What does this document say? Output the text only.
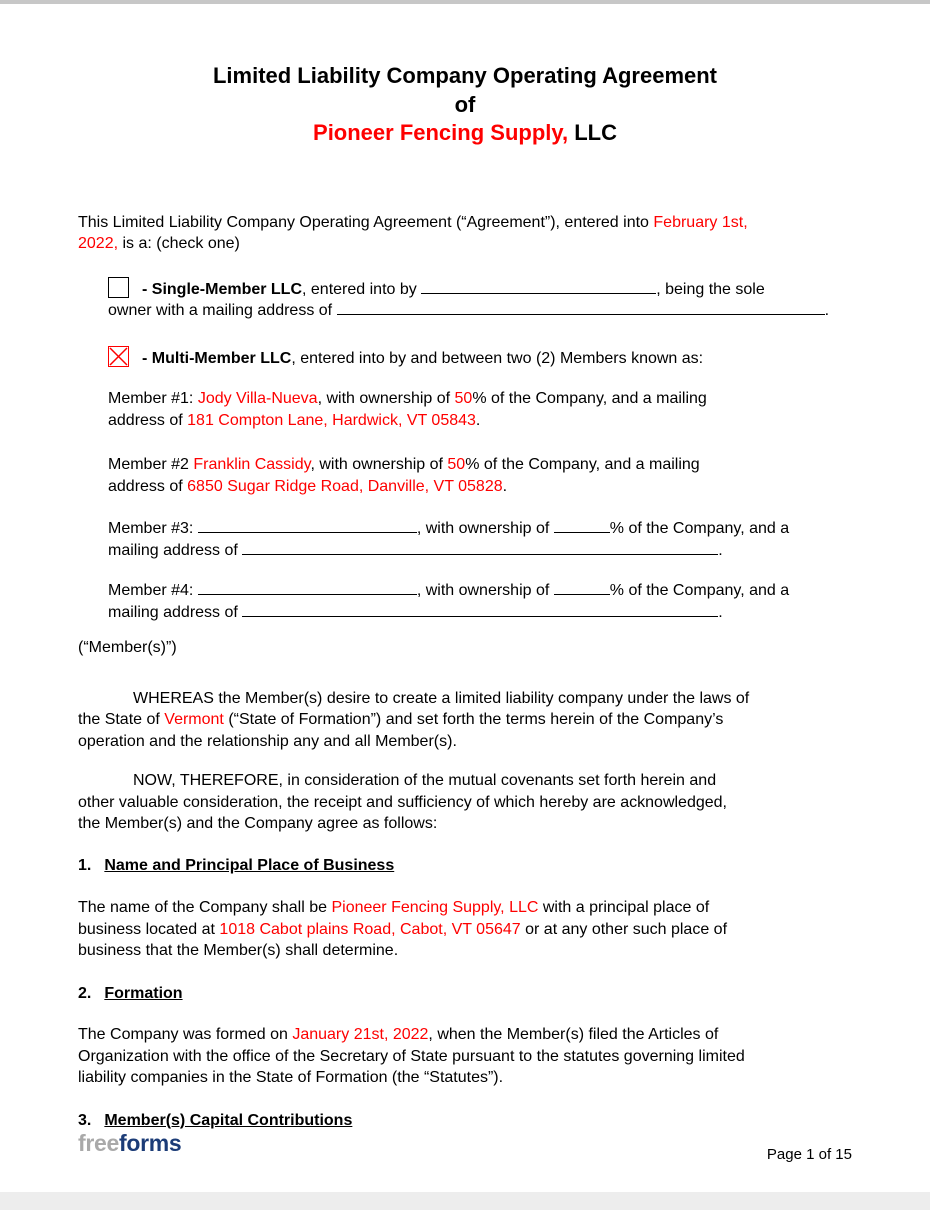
Limited Liability Company Operating Agreement
of
Pioneer Fencing Supply, LLC

This Limited Liability Company Operating Agreement (“Agreement”), entered into February 1st,
2022, is a: (check one)

- Single-Member LLC, entered into by	, being the sole
owner with a mailing address of	.

- Multi-Member LLC, entered into by and between two (2) Members known as:

Member #1: Jody Villa-Nueva, with ownership of 50% of the Company, and a mailing
address of 181 Compton Lane, Hardwick, VT 05843.

Member #2 Franklin Cassidy, with ownership of 50% of the Company, and a mailing
address of 6850 Sugar Ridge Road, Danville, VT 05828.

Member #3:	, with ownership of	% of the Company, and a
mailing address of	.

Member #4:	, with ownership of	% of the Company, and a
mailing address of	.

(“Member(s)”)

WHEREAS the Member(s) desire to create a limited liability company under the laws of
the State of Vermont (“State of Formation”) and set forth the terms herein of the Company’s
operation and the relationship any and all Member(s).

NOW, THEREFORE, in consideration of the mutual covenants set forth herein and
other valuable consideration, the receipt and sufficiency of which hereby are acknowledged,
the Member(s) and the Company agree as follows:

1. Name and Principal Place of Business

The name of the Company shall be Pioneer Fencing Supply, LLC with a principal place of
business located at 1018 Cabot plains Road, Cabot, VT 05647 or at any other such place of
business that the Member(s) shall determine.

2. Formation

The Company was formed on January 21st, 2022, when the Member(s) filed the Articles of
Organization with the office of the Secretary of State pursuant to the statutes governing limited
liability companies in the State of Formation (the “Statutes”).

3. Member(s) Capital Contributions

freeforms	Page 1 of 15
